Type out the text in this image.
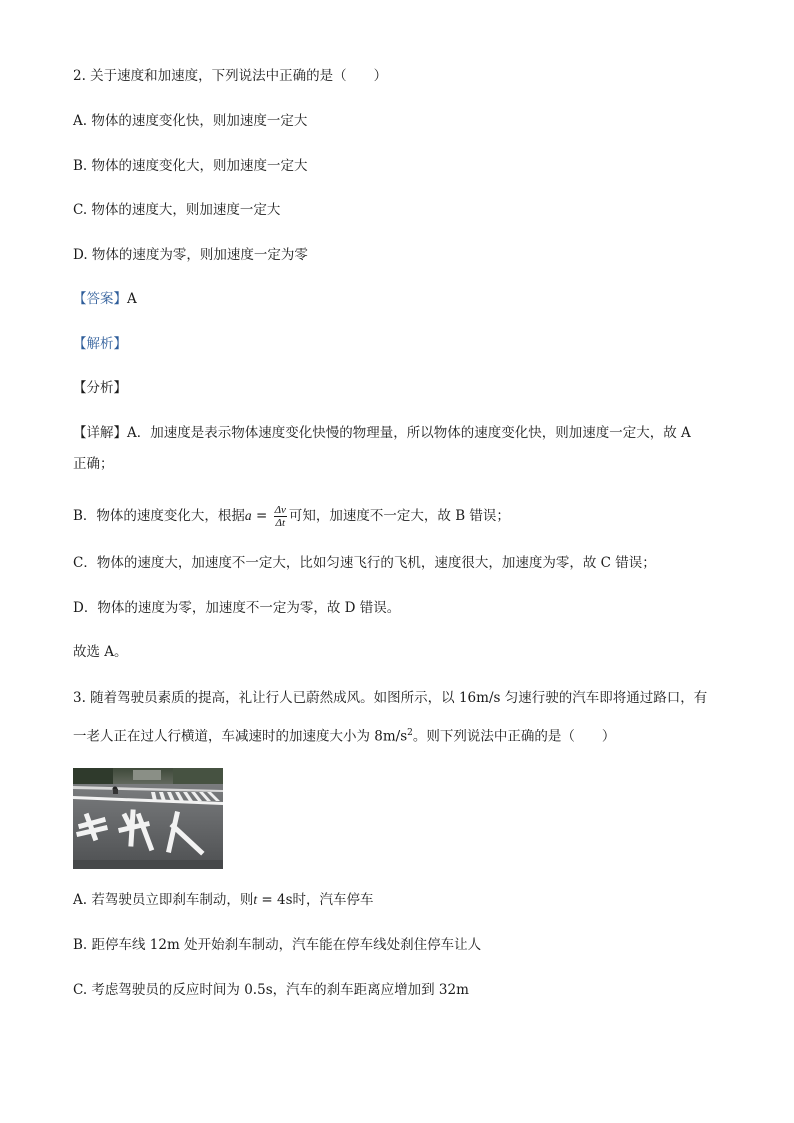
2. 关于速度和加速度，下列说法中正确的是（　　）
A. 物体的速度变化快，则加速度一定大
B. 物体的速度变化大，则加速度一定大
C. 物体的速度大，则加速度一定大
D. 物体的速度为零，则加速度一定为零
【答案】A
【解析】
【分析】
【详解】A．加速度是表示物体速度变化快慢的物理量，所以物体的速度变化快，则加速度一定大，故 A
正确；
B．物体的速度变化大，根据$a = \frac{\Delta v}{\Delta t}$ 可知，加速度不一定大，故 B 错误；
C．物体的速度大，加速度不一定大，比如匀速飞行的飞机，速度很大，加速度为零，故 C 错误；
D．物体的速度为零，加速度不一定为零，故 D 错误。
故选 A。
3. 随着驾驶员素质的提高，礼让行人已蔚然成风。如图所示，以 16m/s 匀速行驶的汽车即将通过路口，有
一老人正在过人行横道，车减速时的加速度大小为 $8m/s^2$。则下列说法中正确的是（　　）
A. 若驾驶员立即刹车制动，则t = 4s时，汽车停车
B. 距停车线 12m 处开始刹车制动，汽车能在停车线处刹住停车让人
C. 考虑驾驶员的反应时间为 0.5s，汽车的刹车距离应增加到 32m
